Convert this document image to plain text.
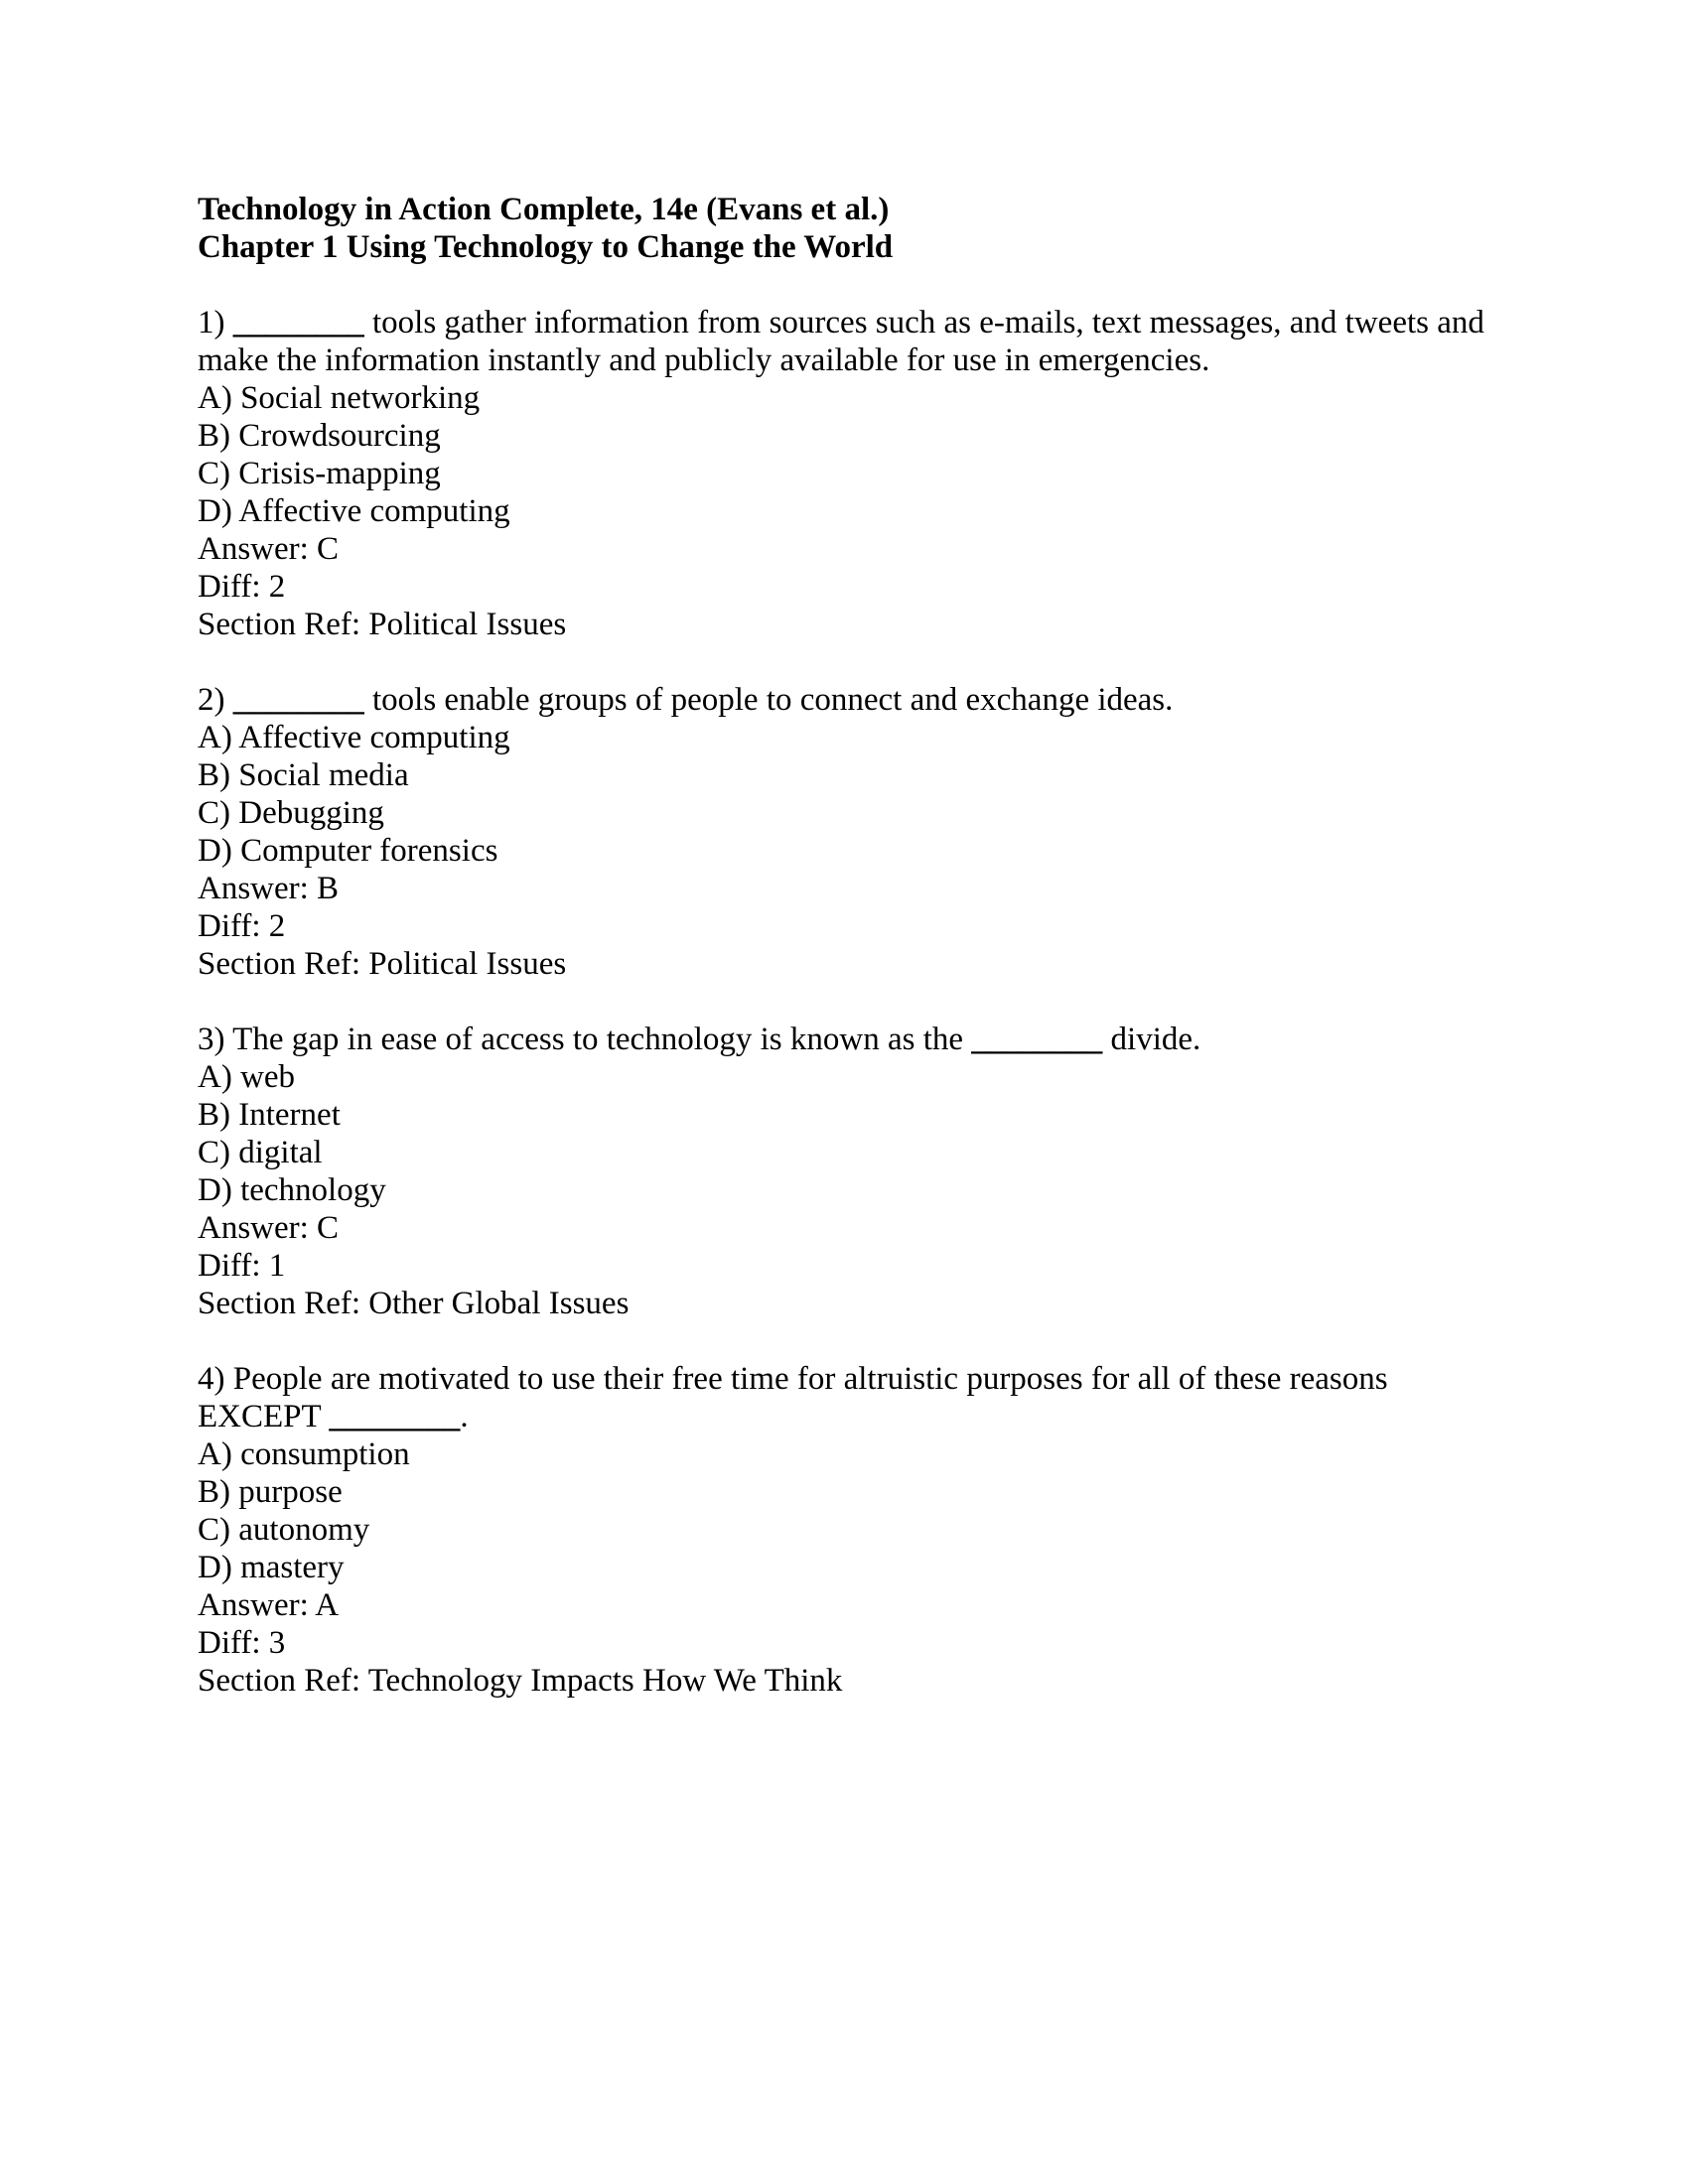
Technology in Action Complete, 14e (Evans et al.)
Chapter 1 Using Technology to Change the World
1) ________ tools gather information from sources such as e-mails, text messages, and tweets and make the information instantly and publicly available for use in emergencies.
A) Social networking
B) Crowdsourcing
C) Crisis-mapping
D) Affective computing
Answer: C
Diff: 2
Section Ref: Political Issues
2) ________ tools enable groups of people to connect and exchange ideas.
A) Affective computing
B) Social media
C) Debugging
D) Computer forensics
Answer: B
Diff: 2
Section Ref: Political Issues
3) The gap in ease of access to technology is known as the ________ divide.
A) web
B) Internet
C) digital
D) technology
Answer: C
Diff: 1
Section Ref: Other Global Issues
4) People are motivated to use their free time for altruistic purposes for all of these reasons EXCEPT ________.
A) consumption
B) purpose
C) autonomy
D) mastery
Answer: A
Diff: 3
Section Ref: Technology Impacts How We Think
